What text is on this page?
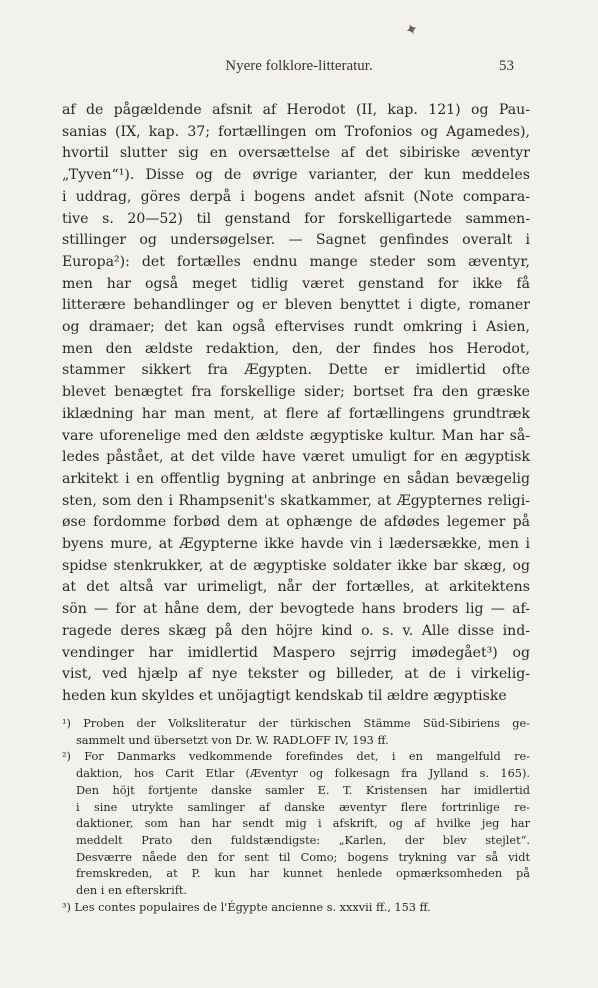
✦
Nyere folklore-litteratur.	53
af de pågældende afsnit af Herodot (II, kap. 121) og Pau-
sanias (IX, kap. 37; fortællingen om Trofonios og Agamedes),
hvortil slutter sig en oversættelse af det sibiriske æventyr
„Tyven“¹). Disse og de øvrige varianter, der kun meddeles
i uddrag, göres derpå i bogens andet afsnit (Note compara-
tive s. 20—52) til genstand for forskelligartede sammen-
stillinger og undersøgelser. — Sagnet genfindes overalt i
Europa²): det fortælles endnu mange steder som æventyr,
men har også meget tidlig været genstand for ikke få
litterære behandlinger og er bleven benyttet i digte, romaner
og dramaer; det kan også eftervises rundt omkring i Asien,
men den ældste redaktion, den, der findes hos Herodot,
stammer sikkert fra Ægypten. Dette er imidlertid ofte
blevet benægtet fra forskellige sider; bortset fra den græske
iklædning har man ment, at flere af fortællingens grundtræk
vare uforenelige med den ældste ægyptiske kultur. Man har så-
ledes påstået, at det vilde have været umuligt for en ægyptisk
arkitekt i en offentlig bygning at anbringe en sådan bevægelig
sten, som den i Rhampsenit's skatkammer, at Ægypternes religi-
øse fordomme forbød dem at ophænge de afdødes legemer på
byens mure, at Ægypterne ikke havde vin i lædersække, men i
spidse stenkrukker, at de ægyptiske soldater ikke bar skæg, og
at det altså var urimeligt, når der fortælles, at arkitektens
sön — for at håne dem, der bevogtede hans broders lig — af-
ragede deres skæg på den höjre kind o. s. v. Alle disse ind-
vendinger har imidlertid Maspero sejrrig imødegået³) og
vist, ved hjælp af nye tekster og billeder, at de i virkelig-
heden kun skyldes et unöjagtigt kendskab til ældre ægyptiske
¹) Proben der Volksliteratur der türkischen Stämme Süd-Sibiriens ge-
sammelt und übersetzt von Dr. W. RADLOFF IV, 193 ff.
²) For Danmarks vedkommende forefindes det, i en mangelfuld re-
daktion, hos Carit Etlar (Æventyr og folkesagn fra Jylland s. 165).
Den höjt fortjente danske samler E. T. Kristensen har imidlertid
i sine utrykte samlinger af danske æventyr flere fortrinlige re-
daktioner, som han har sendt mig i afskrift, og af hvilke jeg har
meddelt Prato den fuldstændigste: „Karlen, der blev stejlet“.
Desværre nåede den for sent til Como; bogens trykning var så vidt
fremskreden, at P. kun har kunnet henlede opmærksomheden på
den i en efterskrift.
³) Les contes populaires de l'Égypte ancienne s. xxxvii ff., 153 ff.
